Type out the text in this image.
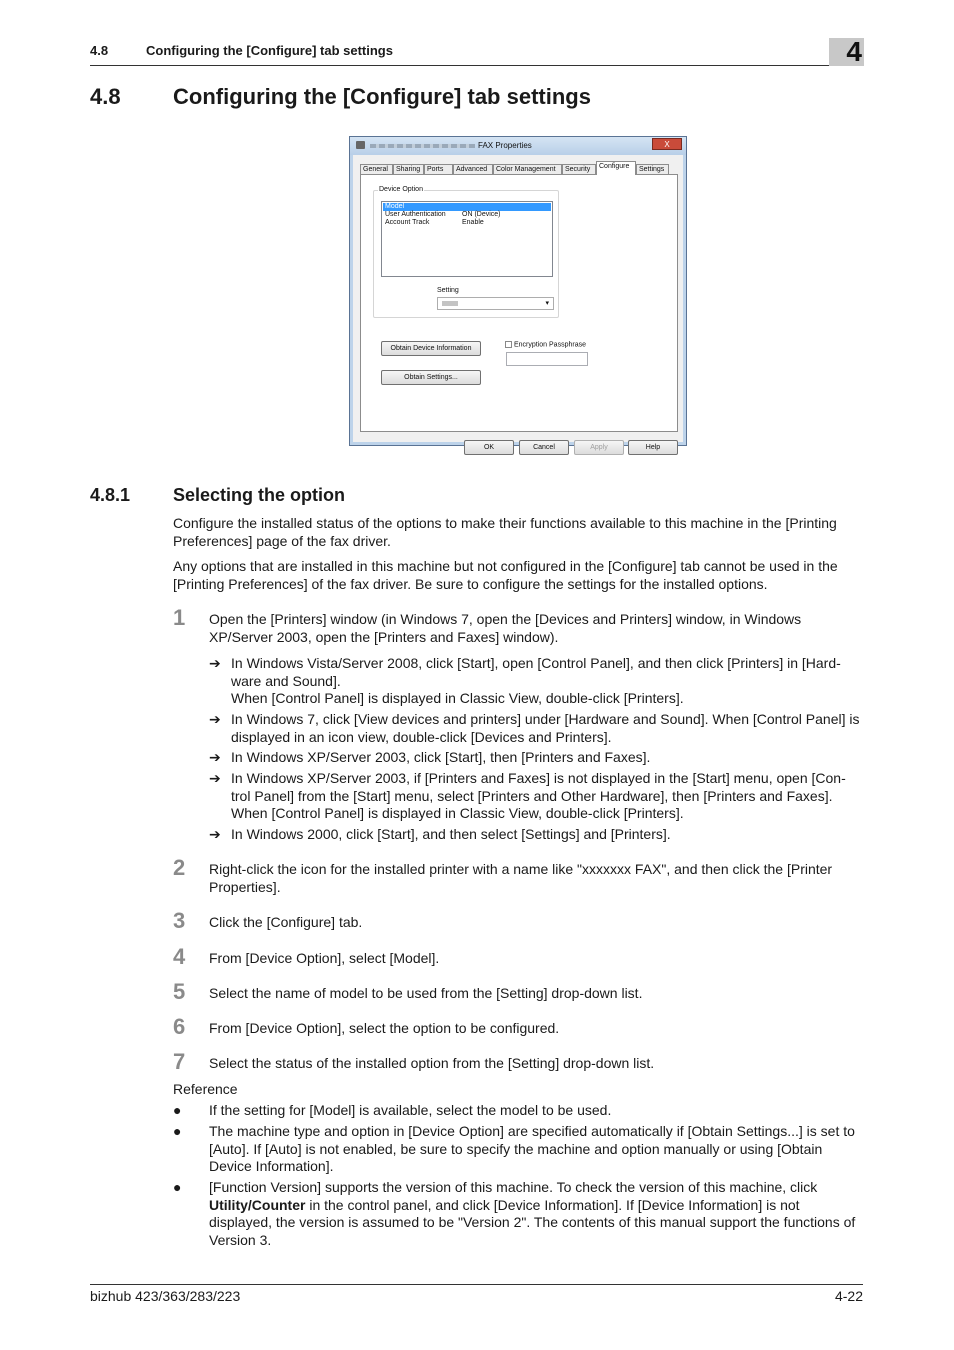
4.8	Configuring the [Configure] tab settings	4
4.8 Configuring the [Configure] tab settings
FAX Properties	X
General	Sharing Ports	Advanced	Color Management	Security	Configure	Settings
Device Option
Model
User Authentication ON (Device)
Account Track	Enable
Setting
▾
Obtain Device Information
Obtain Settings...
Encryption Passphrase
OK	Cancel	Apply	Help
4.8.1 Selecting the option

Configure the installed status of the options to make their functions available to this machine in the [Printing Preferences] page of the fax driver.

Any options that are installed in this machine but not configured in the [Configure] tab cannot be used in the [Printing Preferences] of the fax driver. Be sure to configure the settings for the installed options.

1 Open the [Printers] window (in Windows 7, open the [Devices and Printers] window, in Windows XP/Server 2003, open the [Printers and Faxes] window).

➔ In Windows Vista/Server 2008, click [Start], open [Control Panel], and then click [Printers] in [Hard-
ware and Sound].
When [Control Panel] is displayed in Classic View, double-click [Printers].
➔ In Windows 7, click [View devices and printers] under [Hardware and Sound]. When [Control Panel] is displayed in an icon view, double-click [Devices and Printers].
➔ In Windows XP/Server 2003, click [Start], then [Printers and Faxes].
➔ In Windows XP/Server 2003, if [Printers and Faxes] is not displayed in the [Start] menu, open [Con-
trol Panel] from the [Start] menu, select [Printers and Other Hardware], then [Printers and Faxes].
When [Control Panel] is displayed in Classic View, double-click [Printers].
➔ In Windows 2000, click [Start], and then select [Settings] and [Printers].
2 Right-click the icon for the installed printer with a name like "xxxxxxx FAX", and then click the [Printer Properties].

3 Click the [Configure] tab.

4 From [Device Option], select [Model].

5 Select the name of model to be used from the [Setting] drop-down list.

6 From [Device Option], select the option to be configured.

7 Select the status of the installed option from the [Setting] drop-down list.

Reference

● If the setting for [Model] is available, select the model to be used.
● The machine type and option in [Device Option] are specified automatically if [Obtain Settings...] is set to [Auto]. If [Auto] is not enabled, be sure to specify the machine and option manually or using [Obtain Device Information].
● [Function Version] supports the version of this machine. To check the version of this machine, click Utility/Counter in the control panel, and click [Device Information]. If [Device Information] is not displayed, the version is assumed to be "Version 2". The contents of this manual support the functions of Version 3.
bizhub 423/363/283/223	4-22
